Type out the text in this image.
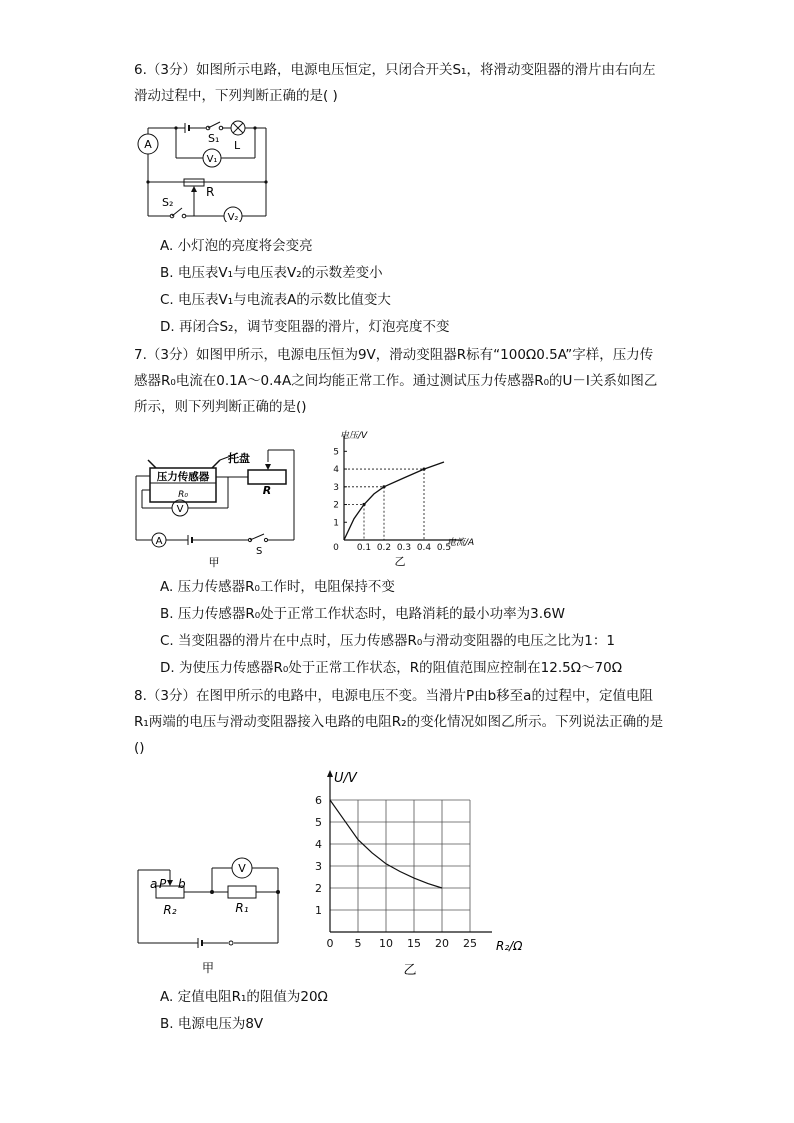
6.（3分）如图所示电路，电源电压恒定，只闭合开关S₁，将滑动变阻器的滑片由右向左滑动过程中，下列判断正确的是( )
A	S₁
L
V₁
R
S₂
V₂
A. 小灯泡的亮度将会变亮
B. 电压表V₁与电压表V₂的示数差变小
C. 电压表V₁与电流表A的示数比值变大
D. 再闭合S₂，调节变阻器的滑片，灯泡亮度不变
7.（3分）如图甲所示，电源电压恒为9V，滑动变阻器R标有“100Ω0.5A”字样，压力传感器R₀电流在0.1A～0.4A之间均能正常工作。通过测试压力传感器R₀的U－I关系如图乙所示，则下列判断正确的是()
托盘
压力传感器
R₀	R
V
A
S
甲
0 0.1 0.2 0.3 0.4 0.5
1
2
3
4
5
电压/V
电流/A
乙
A. 压力传感器R₀工作时，电阻保持不变
B. 压力传感器R₀处于正常工作状态时，电路消耗的最小功率为3.6W
C. 当变阻器的滑片在中点时，压力传感器R₀与滑动变阻器的电压之比为1：1
D. 为使压力传感器R₀处于正常工作状态，R的阻值范围应控制在12.5Ω～70Ω
8.（3分）在图甲所示的电路中，电源电压不变。当滑片P由b移至a的过程中，定值电阻R₁两端的电压与滑动变阻器接入电路的电阻R₂的变化情况如图乙所示。下列说法正确的是()
V
a P b
R₂	R₁
甲
0 5 10 15 20 25
1
2
3
4
5
6
U/V
R₂/Ω
乙
A. 定值电阻R₁的阻值为20Ω
B. 电源电压为8V
